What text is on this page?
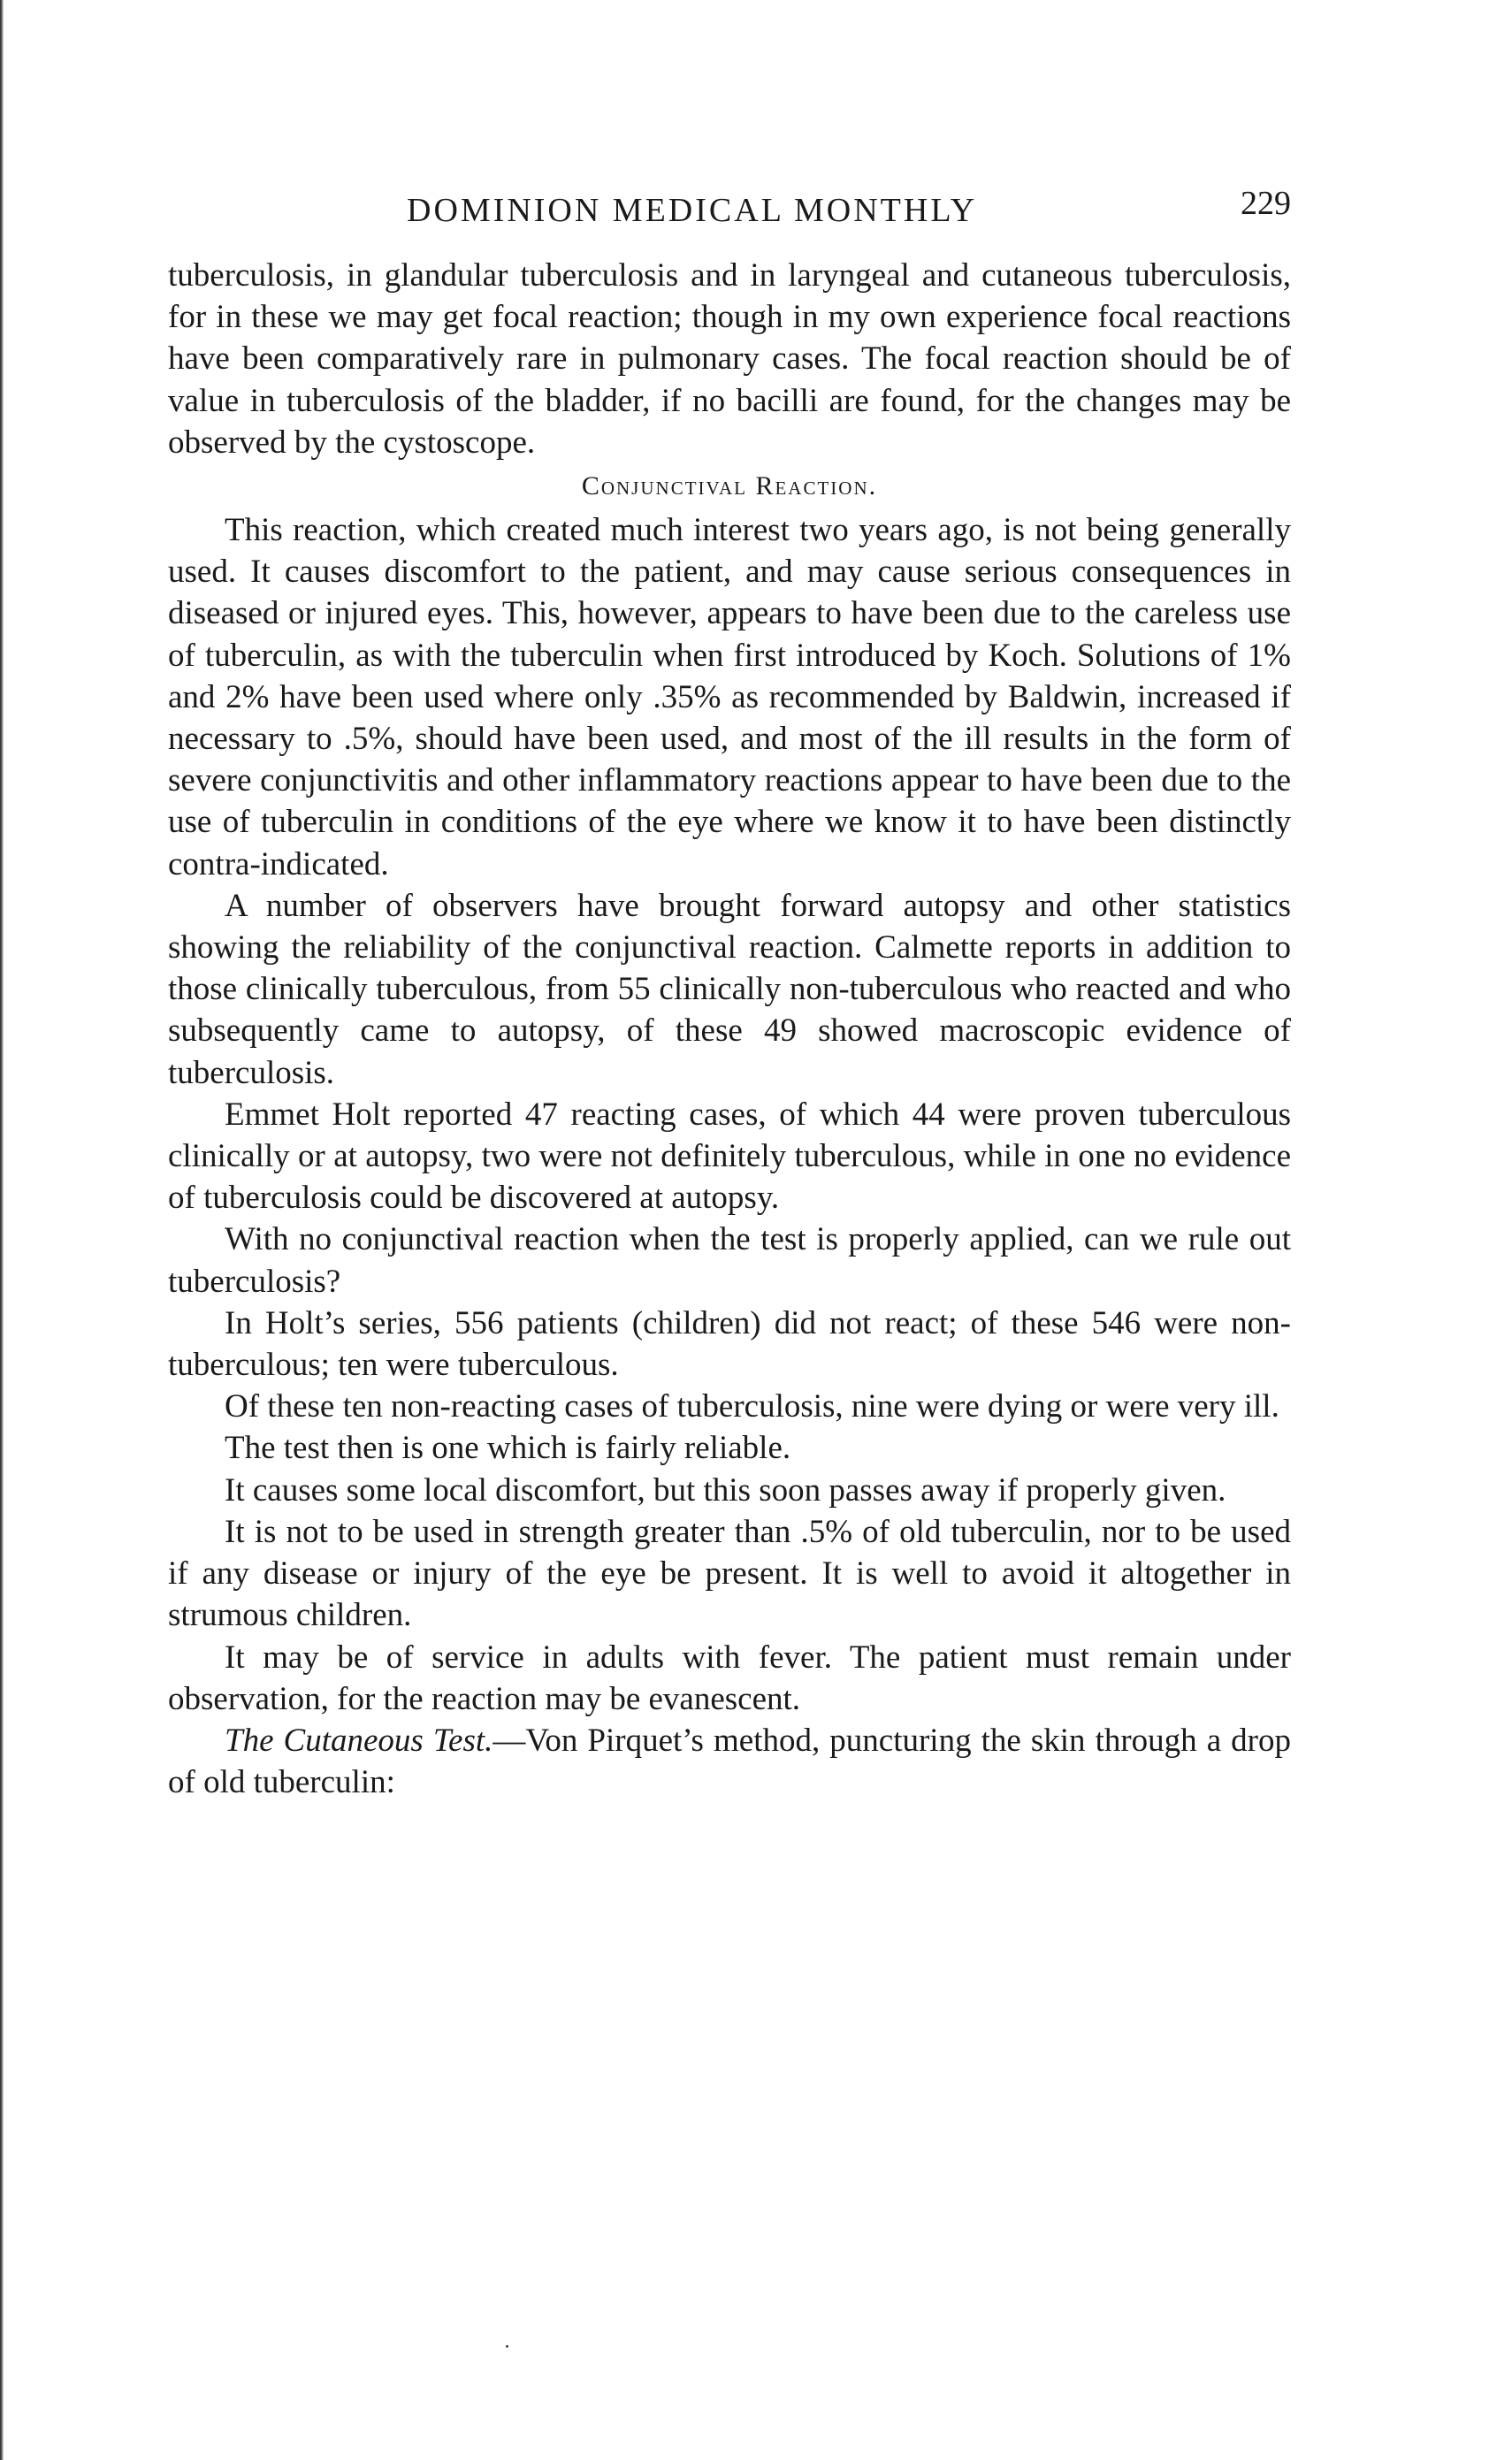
DOMINION MEDICAL MONTHLY	229

tuberculosis, in glandular tuberculosis and in laryngeal and cutaneous tuberculosis, for in these we may get focal reaction; though in my own experience focal reactions have been comparatively rare in pulmonary cases. The focal reaction should be of value in tuberculosis of the bladder, if no bacilli are found, for the changes may be observed by the cystoscope.

Conjunctival Reaction.

This reaction, which created much interest two years ago, is not being generally used. It causes discomfort to the patient, and may cause serious consequences in diseased or injured eyes. This, however, appears to have been due to the careless use of tuberculin, as with the tuberculin when first introduced by Koch. Solutions of 1% and 2% have been used where only .35% as recommended by Baldwin, increased if necessary to .5%, should have been used, and most of the ill results in the form of severe conjunctivitis and other inflammatory reactions appear to have been due to the use of tuberculin in conditions of the eye where we know it to have been distinctly contra-indicated.

A number of observers have brought forward autopsy and other statistics showing the reliability of the conjunctival reaction. Calmette reports in addition to those clinically tuberculous, from 55 clinically non-tuberculous who reacted and who subsequently came to autopsy, of these 49 showed macroscopic evidence of tuberculosis.

Emmet Holt reported 47 reacting cases, of which 44 were proven tuberculous clinically or at autopsy, two were not definitely tuberculous, while in one no evidence of tuberculosis could be discovered at autopsy.

With no conjunctival reaction when the test is properly applied, can we rule out tuberculosis?

In Holt’s series, 556 patients (children) did not react; of these 546 were non-tuberculous; ten were tuberculous.

Of these ten non-reacting cases of tuberculosis, nine were dying or were very ill.

The test then is one which is fairly reliable.

It causes some local discomfort, but this soon passes away if properly given.

It is not to be used in strength greater than .5% of old tuberculin, nor to be used if any disease or injury of the eye be present. It is well to avoid it altogether in strumous children.

It may be of service in adults with fever. The patient must remain under observation, for the reaction may be evanescent.

The Cutaneous Test.—Von Pirquet’s method, puncturing the skin through a drop of old tuberculin:
